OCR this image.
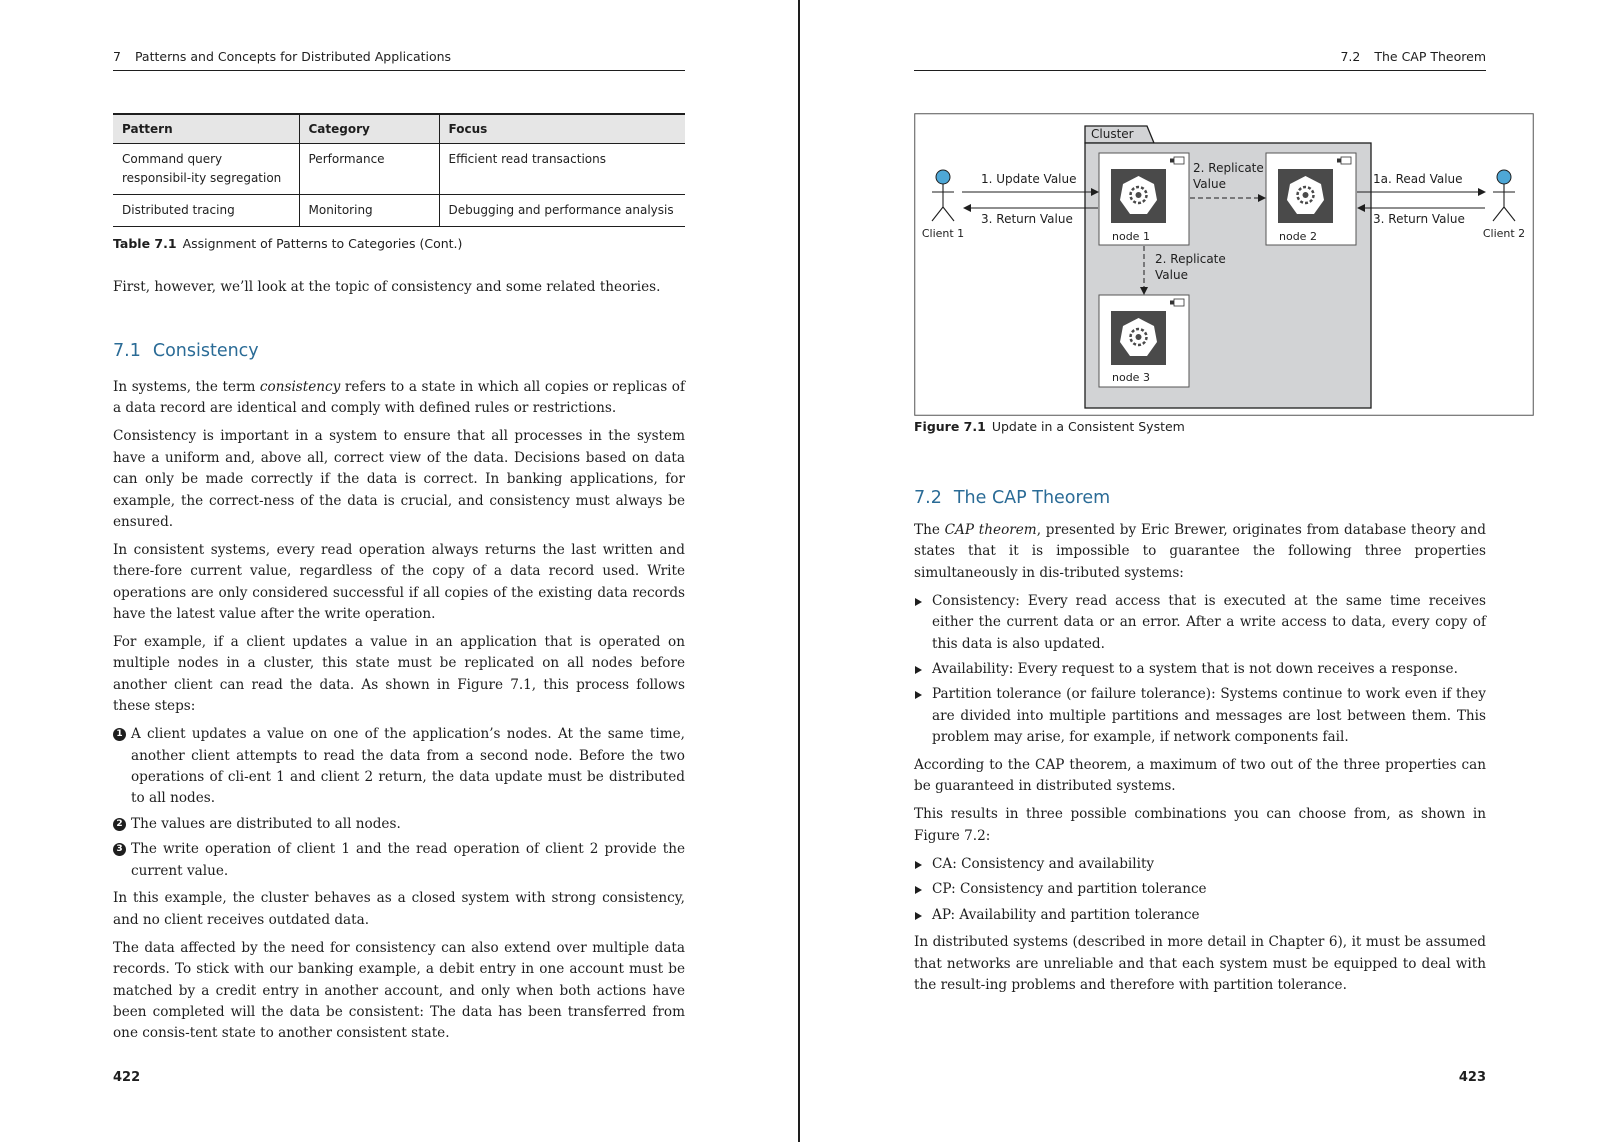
7 Patterns and Concepts for Distributed Applications
Pattern	Category	Focus
Command query responsibil-ity segregation	Performance	Efficient read transactions
Distributed tracing	Monitoring	Debugging and performance analysis
Table 7.1 Assignment of Patterns to Categories (Cont.)

First, however, we’ll look at the topic of consistency and some related theories.

7.1 Consistency

In systems, the term consistency refers to a state in which all copies or replicas of a data record are identical and comply with defined rules or restrictions.

Consistency is important in a system to ensure that all processes in the system have a uniform and, above all, correct view of the data. Decisions based on data can only be made correctly if the data is correct. In banking applications, for example, the correct-ness of the data is crucial, and consistency must always be ensured.

In consistent systems, every read operation always returns the last written and there-fore current value, regardless of the copy of a data record used. Write operations are only considered successful if all copies of the existing data records have the latest value after the write operation.

For example, if a client updates a value in an application that is operated on multiple nodes in a cluster, this state must be replicated on all nodes before another client can read the data. As shown in Figure 7.1, this process follows these steps:

1 A client updates a value on one of the application’s nodes. At the same time, another client attempts to read the data from a second node. Before the two operations of cli-ent 1 and client 2 return, the data update must be distributed to all nodes.
2 The values are distributed to all nodes.
3 The write operation of client 1 and the read operation of client 2 provide the current value.

In this example, the cluster behaves as a closed system with strong consistency, and no client receives outdated data.

The data affected by the need for consistency can also extend over multiple data records. To stick with our banking example, a debit entry in one account must be matched by a credit entry in another account, and only when both actions have been completed will the data be consistent: The data has been transferred from one consis-tent state to another consistent state.

422
7.2 The CAP Theorem
Cluster
Client 1	Client 2
node 1	node 2
node 3
1. Update Value
3. Return Value
2. Replicate
Value
2. Replicate
Value
1a. Read Value
3. Return Value
Figure 7.1 Update in a Consistent System
7.2 The CAP Theorem

The CAP theorem, presented by Eric Brewer, originates from database theory and states that it is impossible to guarantee the following three properties simultaneously in dis-tributed systems:

Consistency: Every read access that is executed at the same time receives either the current data or an error. After a write access to data, every copy of this data is also updated.
Availability: Every request to a system that is not down receives a response.
Partition tolerance (or failure tolerance): Systems continue to work even if they are divided into multiple partitions and messages are lost between them. This problem may arise, for example, if network components fail.

According to the CAP theorem, a maximum of two out of the three properties can be guaranteed in distributed systems.

This results in three possible combinations you can choose from, as shown in Figure 7.2:

CA: Consistency and availability
CP: Consistency and partition tolerance
AP: Availability and partition tolerance

In distributed systems (described in more detail in Chapter 6), it must be assumed that networks are unreliable and that each system must be equipped to deal with the result-ing problems and therefore with partition tolerance.

423
